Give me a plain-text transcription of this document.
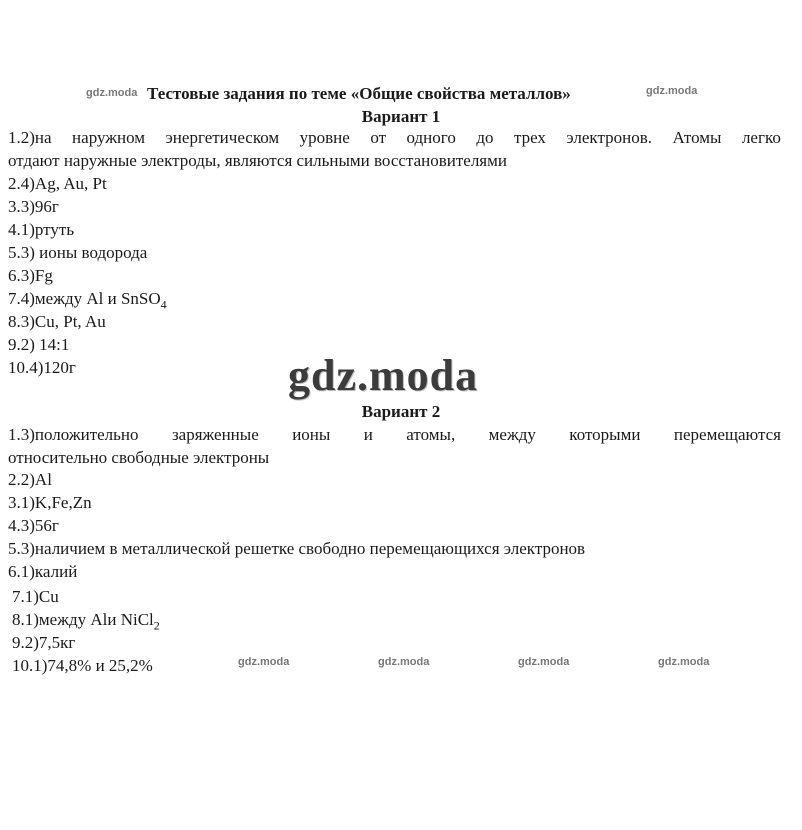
gdz.moda Тестовые задания по теме «Общие свойства металлов»	gdz.moda
Вариант 1
1.2)на наружном энергетическом уровне от одного до трех электронов. Атомы легко
отдают наружные электроды, являются сильными восстановителями
2.4)Ag, Au, Pt
3.3)96г
4.1)ртуть
5.3) ионы водорода
6.3)Fg
7.4)между Al и SnSO$_4$
8.3)Cu, Pt, Au
9.2) 14:1
10.4)120г	gdz.moda
Вариант 2
1.3)положительно заряженные ионы и атомы, между которыми перемещаются
относительно свободные электроны
2.2)Al
3.1)K,Fe,Zn
4.3)56г
5.3)наличием в металлической решетке свободно перемещающихся электронов
6.1)калий
7.1)Cu
8.1)между Alи NiCl$_2$
9.2)7,5кг
10.1)74,8% и 25,2%	gdz.moda	gdz.moda	gdz.moda	gdz.moda
